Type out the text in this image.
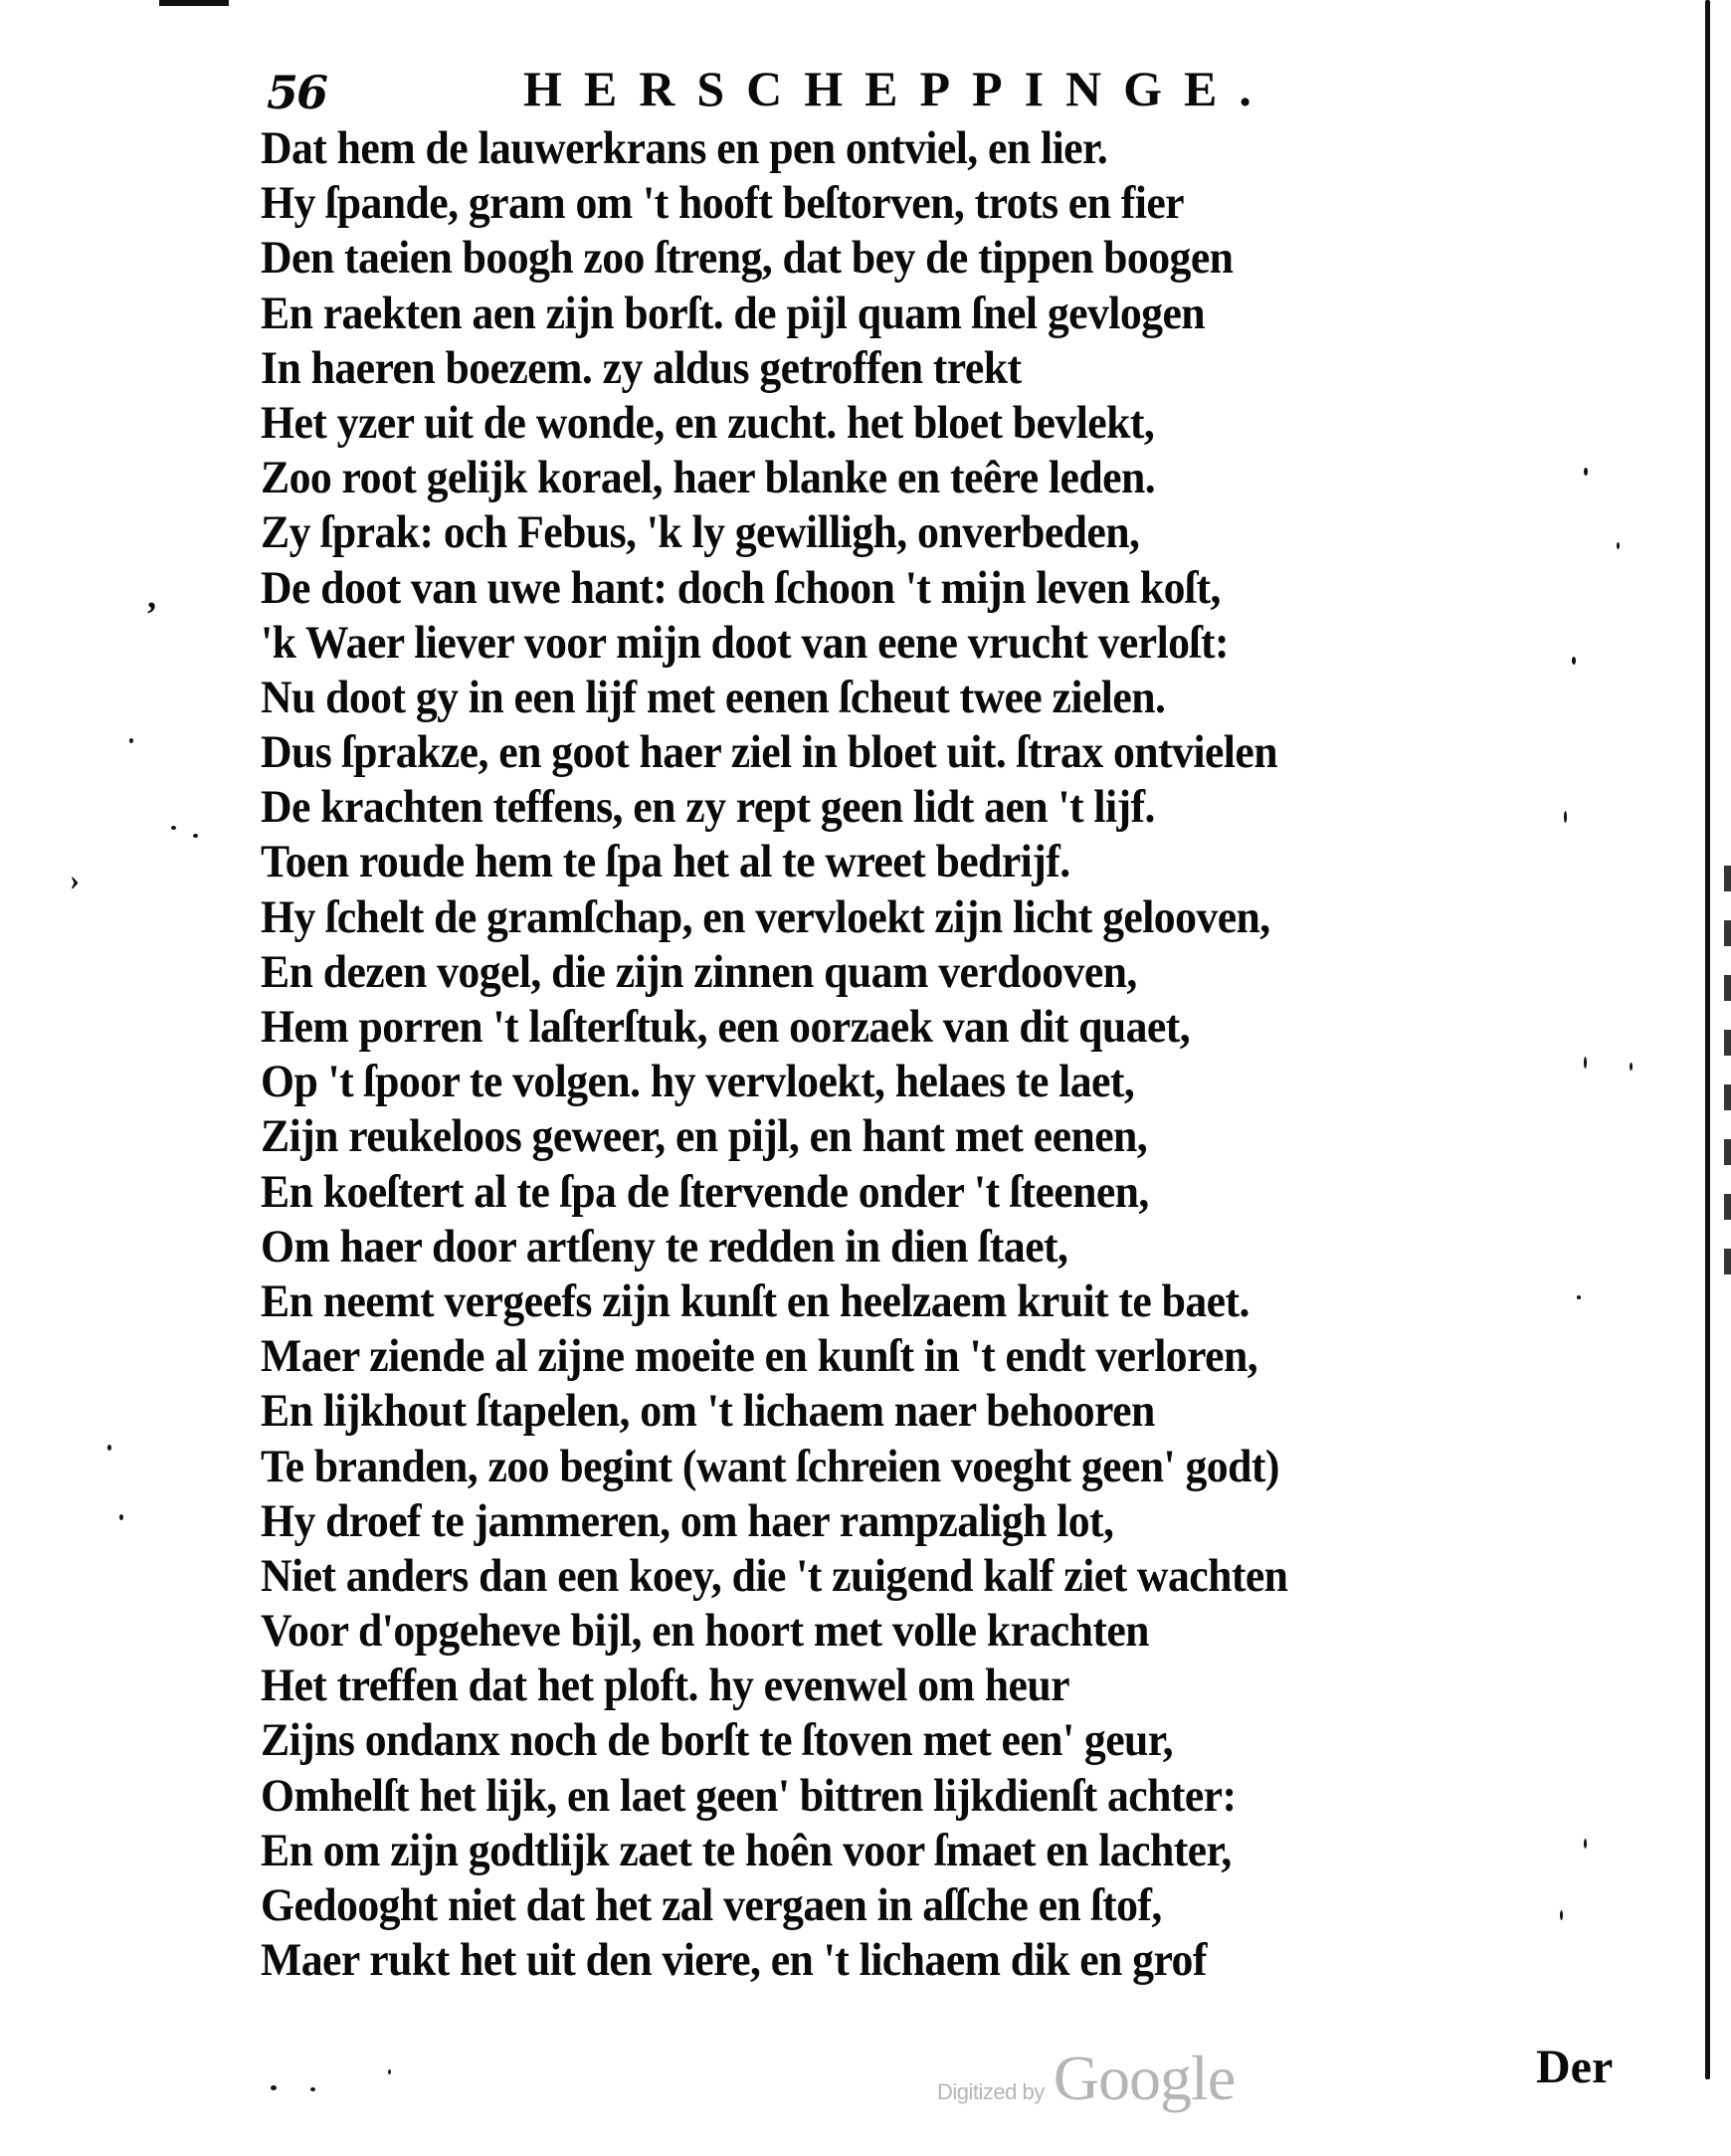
56	HERSCHEPPINGE.
Dat hem de lauwerkrans en pen ontviel, en lier.
Hy ſpande, gram om 't hooft beſtorven, trots en fier
Den taeien boogh zoo ſtreng, dat bey de tippen boogen
En raekten aen zijn borſt. de pijl quam ſnel gevlogen
In haeren boezem. zy aldus getroffen trekt
Het yzer uit de wonde, en zucht. het bloet bevlekt,
Zoo root gelijk korael, haer blanke en teêre leden.
Zy ſprak: och Febus, 'k ly gewilligh, onverbeden,
De doot van uwe hant: doch ſchoon 't mijn leven koſt,
'k Waer liever voor mijn doot van eene vrucht verloſt:
Nu doot gy in een lijf met eenen ſcheut twee zielen.
Dus ſprakze, en goot haer ziel in bloet uit. ſtrax ontvielen
De krachten teffens, en zy rept geen lidt aen 't lijf.
Toen roude hem te ſpa het al te wreet bedrijf.
Hy ſchelt de gramſchap, en vervloekt zijn licht gelooven,
En dezen vogel, die zijn zinnen quam verdooven,
Hem porren 't laſterſtuk, een oorzaek van dit quaet,
Op 't ſpoor te volgen. hy vervloekt, helaes te laet,
Zijn reukeloos geweer, en pijl, en hant met eenen,
En koeſtert al te ſpa de ſtervende onder 't ſteenen,
Om haer door artſeny te redden in dien ſtaet,
En neemt vergeefs zijn kunſt en heelzaem kruit te baet.
Maer ziende al zijne moeite en kunſt in 't endt verloren,
En lijkhout ſtapelen, om 't lichaem naer behooren
Te branden, zoo begint (want ſchreien voeght geen' godt)
Hy droef te jammeren, om haer rampzaligh lot,
Niet anders dan een koey, die 't zuigend kalf ziet wachten
Voor d'opgeheve bijl, en hoort met volle krachten
Het treffen dat het ploft. hy evenwel om heur
Zijns ondanx noch de borſt te ſtoven met een' geur,
Omhelſt het lijk, en laet geen' bittren lijkdienſt achter:
En om zijn godtlijk zaet te hoên voor ſmaet en lachter,
Gedooght niet dat het zal vergaen in aſſche en ſtof,
Maer rukt het uit den viere, en 't lichaem dik en grof
Digitized by Google	Der
,
›
